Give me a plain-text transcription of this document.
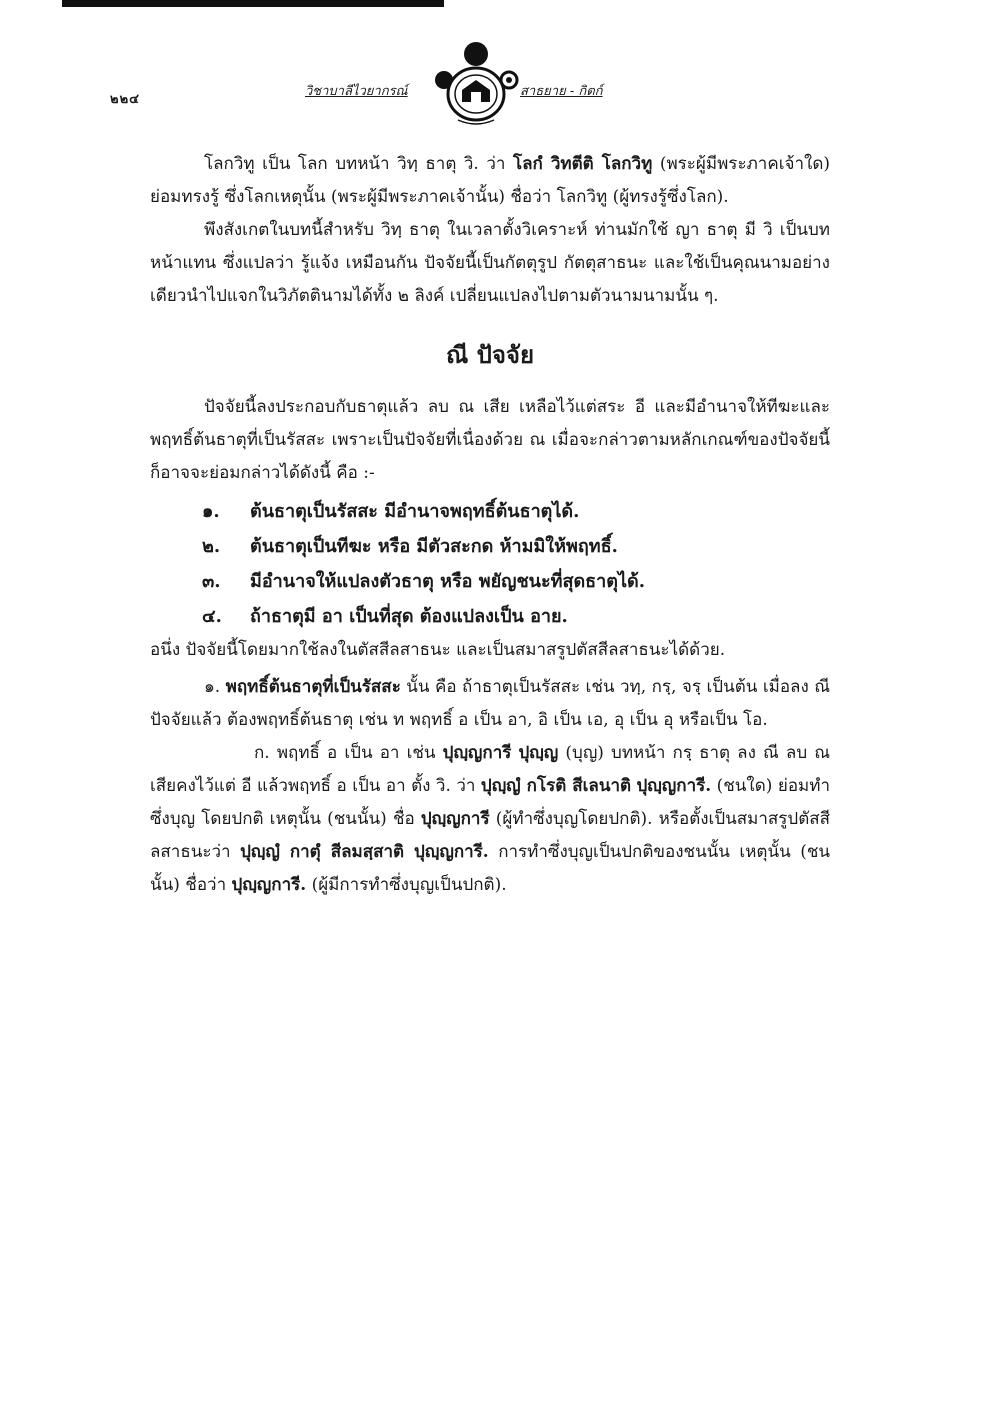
๒๒๔
วิชาบาลีไวยากรณ์	สาธยาย - กิตก์

โลกวิทู เป็น โลก บทหน้า วิทฺ ธาตุ วิ. ว่า โลกํ วิทตีติ โลกวิทู (พระผู้มีพระภาคเจ้าใด) ย่อมทรงรู้ ซึ่งโลกเหตุนั้น (พระผู้มีพระภาคเจ้านั้น) ชื่อว่า โลกวิทู (ผู้ทรงรู้ซึ่งโลก).

พึงสังเกตในบทนี้สำหรับ วิทฺ ธาตุ ในเวลาตั้งวิเคราะห์ ท่านมักใช้ ญา ธาตุ มี วิ เป็นบทหน้าแทน ซึ่งแปลว่า รู้แจ้ง เหมือนกัน ปัจจัยนี้เป็นกัตตุรูป กัตตุสาธนะ และใช้เป็นคุณนามอย่างเดียวนำไปแจกในวิภัตตินามได้ทั้ง ๒ ลิงค์ เปลี่ยนแปลงไปตามตัวนามนามนั้น ๆ.

ณี ปัจจัย

ปัจจัยนี้ลงประกอบกับธาตุแล้ว ลบ ณ เสีย เหลือไว้แต่สระ อี และมีอำนาจให้ทีฆะและพฤทธิ์ต้นธาตุที่เป็นรัสสะ เพราะเป็นปัจจัยที่เนื่องด้วย ณ เมื่อจะกล่าวตามหลักเกณฑ์ของปัจจัยนี้ ก็อาจจะย่อมกล่าวได้ดังนี้ คือ :-

๑.	ต้นธาตุเป็นรัสสะ มีอำนาจพฤทธิ์ต้นธาตุได้.
๒.	ต้นธาตุเป็นทีฆะ หรือ มีตัวสะกด ห้ามมิให้พฤทธิ์.
๓.	มีอำนาจให้แปลงตัวธาตุ หรือ พยัญชนะที่สุดธาตุได้.
๔.	ถ้าธาตุมี อา เป็นที่สุด ต้องแปลงเป็น อาย.

อนึ่ง ปัจจัยนี้โดยมากใช้ลงในตัสสีลสาธนะ และเป็นสมาสรูปตัสสีลสาธนะได้ด้วย.

๑. พฤทธิ์ต้นธาตุที่เป็นรัสสะ นั้น คือ ถ้าธาตุเป็นรัสสะ เช่น วทฺ, กรฺ, จรฺ เป็นต้น เมื่อลง ณี ปัจจัยแล้ว ต้องพฤทธิ์ต้นธาตุ เช่น ท พฤทธิ์ อ เป็น อา, อิ เป็น เอ, อุ เป็น อุ หรือเป็น โอ.

ก. พฤทธิ์ อ เป็น อา เช่น ปุญฺญการี ปุญฺญ (บุญ) บทหน้า กรฺ ธาตุ ลง ณี ลบ ณ เสียคงไว้แต่ อี แล้วพฤทธิ์ อ เป็น อา ตั้ง วิ. ว่า ปุญฺญํ กโรติ สีเลนาติ ปุญฺญการี. (ชนใด) ย่อมทำซึ่งบุญ โดยปกติ เหตุนั้น (ชนนั้น) ชื่อ ปุญฺญการี (ผู้ทำซึ่งบุญโดยปกติ). หรือตั้งเป็นสมาสรูปตัสสีลสาธนะว่า ปุญฺญํ กาตุํ สีลมสฺสาติ ปุญฺญการี. การทำซึ่งบุญเป็นปกติของชนนั้น เหตุนั้น (ชนนั้น) ชื่อว่า ปุญฺญการี. (ผู้มีการทำซึ่งบุญเป็นปกติ).
